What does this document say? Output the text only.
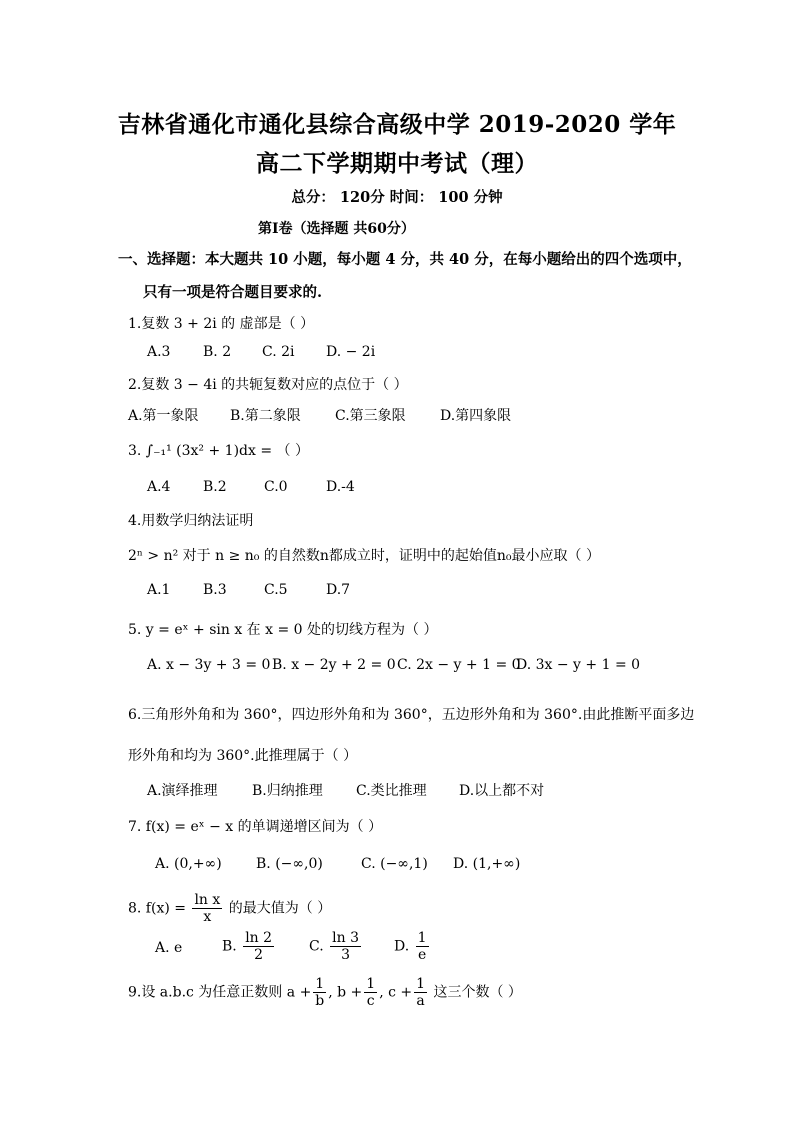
吉林省通化市通化县综合高级中学 2019-2020 学年
高二下学期期中考试（理）
总分： 120分 时间： 100 分钟
第Ⅰ卷（选择题 共60分）
一、选择题：本大题共 10 小题，每小题 4 分，共 40 分，在每小题给出的四个选项中，
只有一项是符合题目要求的.
1.复数 3 + 2i 的 虚部是（ ）
A.3 B. 2 C. 2i D. − 2i
2.复数 3 − 4i 的共轭复数对应的点位于（ ）
A.第一象限 B.第二象限 C.第三象限 D.第四象限
3. ∫₋₁¹ (3x² + 1)dx = （ ）
A.4 B.2	C.0	D.-4
4.用数学归纳法证明
2ⁿ > n² 对于 n ≥ n₀ 的自然数n都成立时，证明中的起始值n₀最小应取（ ）
A.1 B.3	C.5	D.7
5. y = eˣ + sin x 在 x = 0 处的切线方程为（ ）
A. x − 3y + 3 = 0 B. x − 2y + 2 = 0 C. 2x − y + 1 = 0
D. 3x − y + 1 = 0
6.三角形外角和为 360°，四边形外角和为 360°，五边形外角和为 360°.由此推断平面多边
形外角和均为 360°.此推理属于（ ）
A.演绎推理 B.归纳推理 C.类比推理 D.以上都不对
7. f(x) = eˣ − x 的单调递增区间为（ ）
A. (0,+∞) B. (−∞,0)	C. (−∞,1) D. (1,+∞)
8. $f(x) = \frac{\text{ln x}}{x}$ 的最大值为（ ）
A. e	B. $\frac{\ln 2}{2} C$. $\frac{\ln 3}{3} D$. $\frac{1}{e}$
9.设 a.b.c 为任意正数则 $a + \frac{1}{b}$ , $b + \frac{1}{c}$ , $c + \frac{1}{a}$ 这三个数（ ）
